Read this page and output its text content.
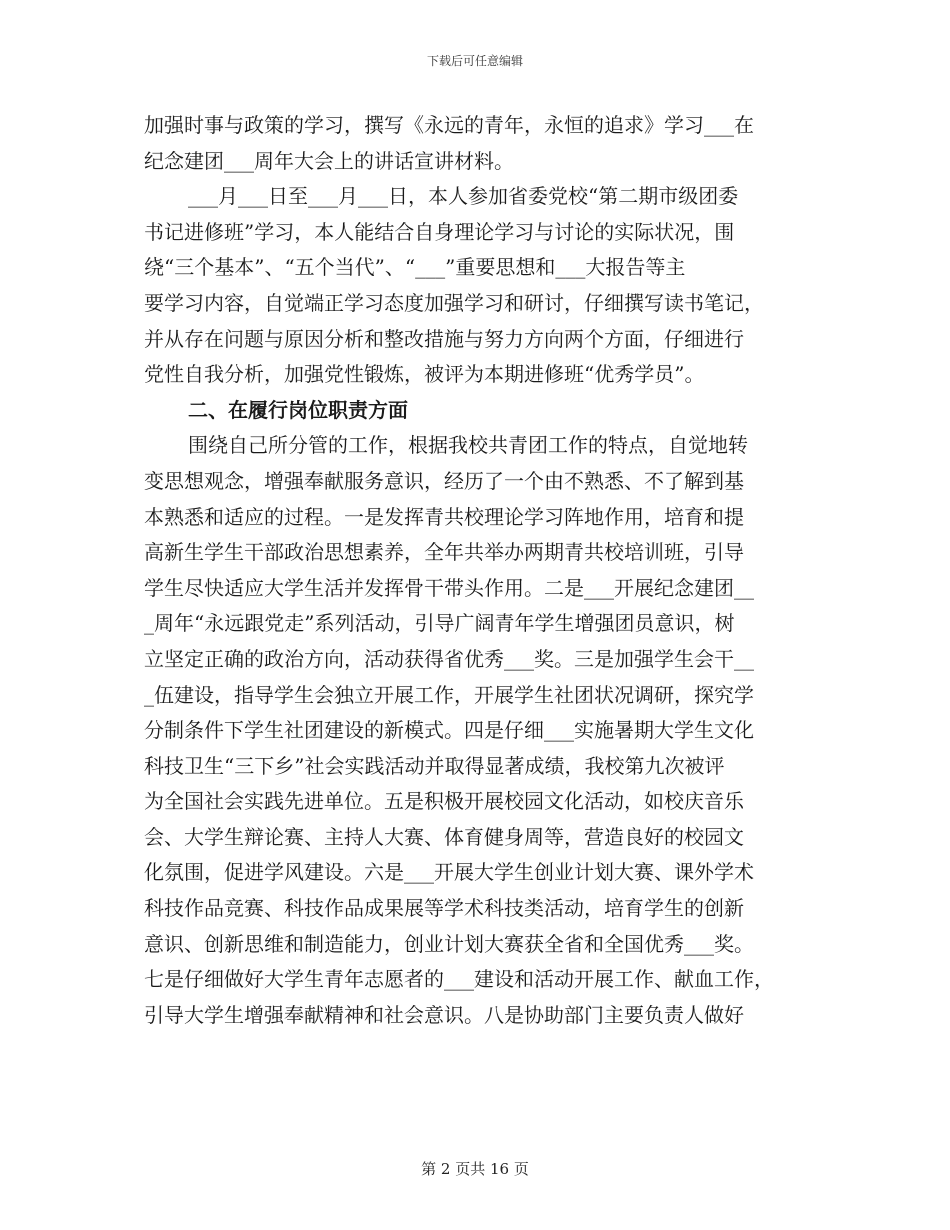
下载后可任意编辑
加强时事与政策的学习，撰写《永远的青年，永恒的追求》学习___在
纪念建团___周年大会上的讲话宣讲材料。
___月___日至___月___日，本人参加省委党校“第二期市级团委
书记进修班”学习，本人能结合自身理论学习与讨论的实际状况，围
绕“三个基本”、“五个当代”、“___”重要思想和___大报告等主
要学习内容，自觉端正学习态度加强学习和研讨，仔细撰写读书笔记，
并从存在问题与原因分析和整改措施与努力方向两个方面，仔细进行
党性自我分析，加强党性锻炼，被评为本期进修班“优秀学员”。
二、在履行岗位职责方面
围绕自己所分管的工作，根据我校共青团工作的特点，自觉地转
变思想观念，增强奉献服务意识，经历了一个由不熟悉、不了解到基
本熟悉和适应的过程。一是发挥青共校理论学习阵地作用，培育和提
高新生学生干部政治思想素养，全年共举办两期青共校培训班，引导
学生尽快适应大学生活并发挥骨干带头作用。二是___开展纪念建团__
_周年“永远跟党走”系列活动，引导广阔青年学生增强团员意识，树
立坚定正确的政治方向，活动获得省优秀___奖。三是加强学生会干__
_伍建设，指导学生会独立开展工作，开展学生社团状况调研，探究学
分制条件下学生社团建设的新模式。四是仔细___实施暑期大学生文化
科技卫生“三下乡”社会实践活动并取得显著成绩，我校第九次被评
为全国社会实践先进单位。五是积极开展校园文化活动，如校庆音乐
会、大学生辩论赛、主持人大赛、体育健身周等，营造良好的校园文
化氛围，促进学风建设。六是___开展大学生创业计划大赛、课外学术
科技作品竞赛、科技作品成果展等学术科技类活动，培育学生的创新
意识、创新思维和制造能力，创业计划大赛获全省和全国优秀___奖。
七是仔细做好大学生青年志愿者的___建设和活动开展工作、献血工作，
引导大学生增强奉献精神和社会意识。八是协助部门主要负责人做好
第 2 页共 16 页
